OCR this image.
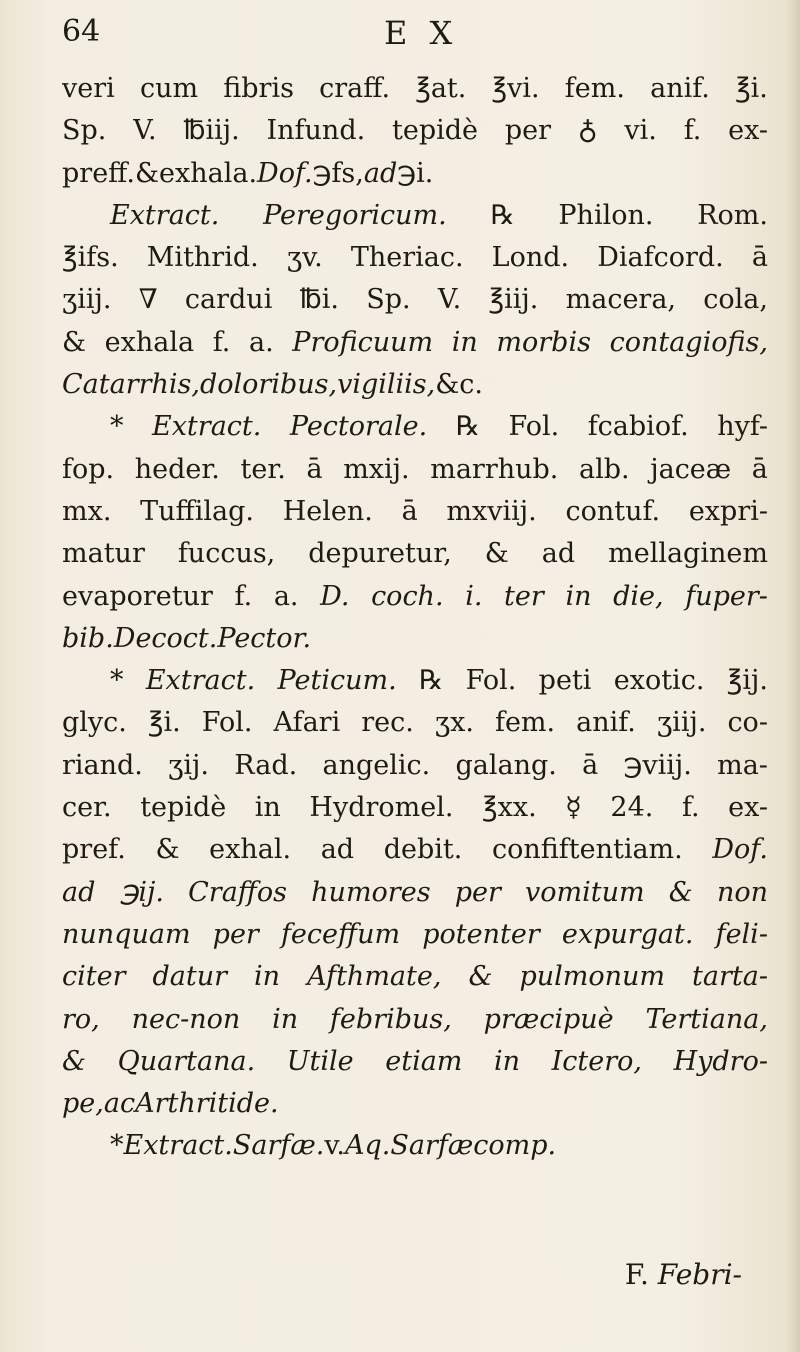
64	E X
veri cum fibris craff. ℥at. ℥vi. fem. anif. ℥i.
Sp. V. ℔iij. Infund. tepidè per ♁ vi. f. ex-
preff. & exhala. Dof. ℈fs, ad ℈i.
Extract. Peregoricum. ℞ Philon. Rom.
℥ifs. Mithrid. ʒv. Theriac. Lond. Diafcord. ā
ʒiij. ∇ cardui ℔i. Sp. V. ℥iij. macera, cola,
& exhala f. a. Proficuum in morbis contagiofis,
Catarrhis, doloribus, vigiliis, &c.
* Extract. Pectorale. ℞ Fol. fcabiof. hyf-
fop. heder. ter. ā mxij. marrhub. alb. jaceæ ā
mx. Tuffilag. Helen. ā mxviij. contuf. expri-
matur fuccus, depuretur, & ad mellaginem
evaporetur f. a. D. coch. i. ter in die, fuper-
bib. Decoct. Pector.
* Extract. Peticum. ℞ Fol. peti exotic. ℥ij.
glyc. ℥i. Fol. Afari rec. ʒx. fem. anif. ʒiij. co-
riand. ʒij. Rad. angelic. galang. ā ℈viij. ma-
cer. tepidè in Hydromel. ℥xx. ☿ 24. f. ex-
pref. & exhal. ad debit. confiftentiam. Dof.
ad ℈ij. Craffos humores per vomitum & non
nunquam per feceffum potenter expurgat. feli-
citer datur in Afthmate, & pulmonum tarta-
ro, nec-non in febribus, præcipuè Tertiana,
& Quartana. Utile etiam in Ictero, Hydro-
pe, ac Arthritide.
* Extract. Sarfæ. v. Aq. Sarfæ comp.
F. Febri-
